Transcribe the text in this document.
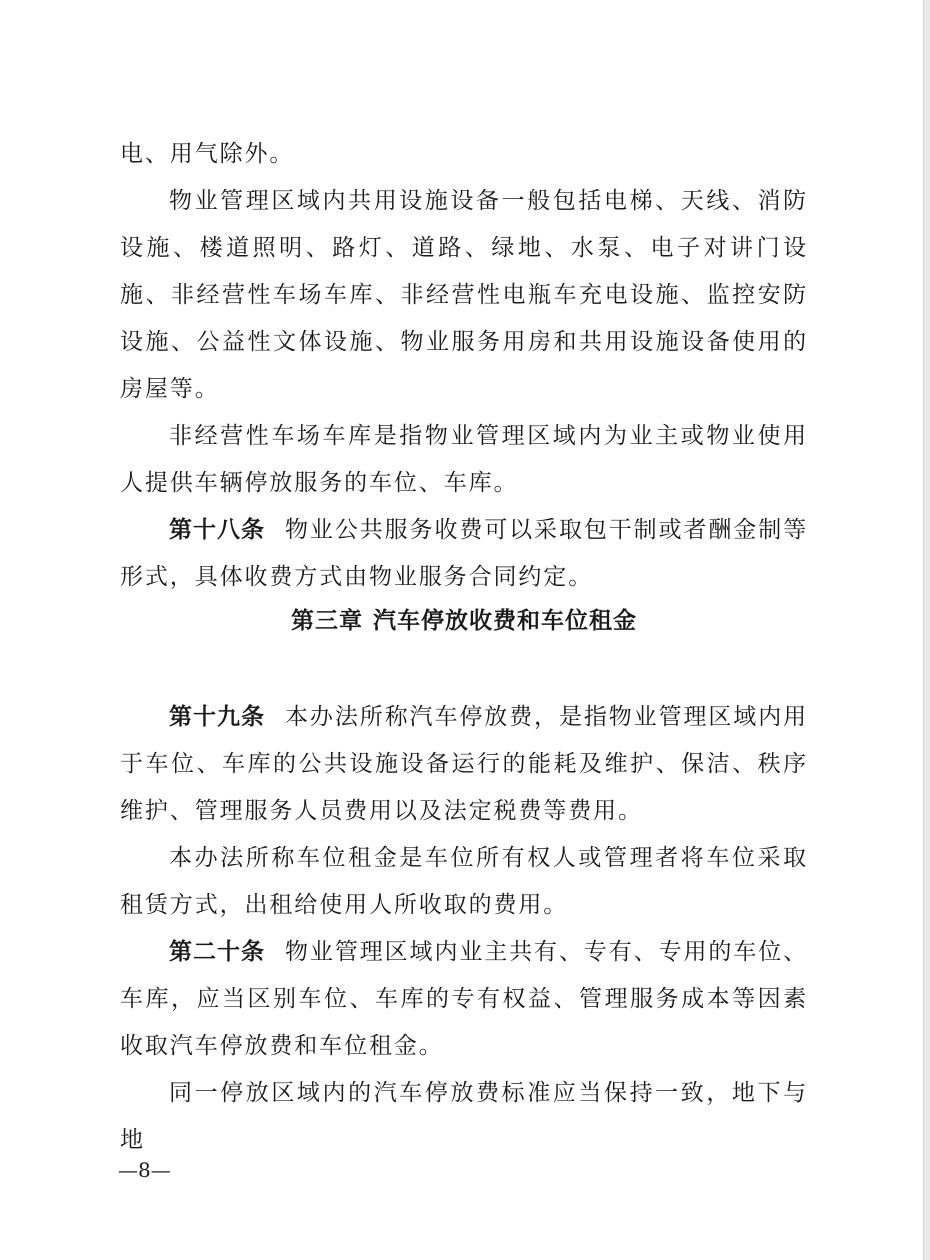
电、用气除外。

物业管理区域内共用设施设备一般包括电梯、天线、消防设施、楼道照明、路灯、道路、绿地、水泵、电子对讲门设施、非经营性车场车库、非经营性电瓶车充电设施、监控安防设施、公益性文体设施、物业服务用房和共用设施设备使用的房屋等。

非经营性车场车库是指物业管理区域内为业主或物业使用人提供车辆停放服务的车位、车库。

第十八条 物业公共服务收费可以采取包干制或者酬金制等形式，具体收费方式由物业服务合同约定。

第三章 汽车停放收费和车位租金

第十九条 本办法所称汽车停放费，是指物业管理区域内用于车位、车库的公共设施设备运行的能耗及维护、保洁、秩序维护、管理服务人员费用以及法定税费等费用。

本办法所称车位租金是车位所有权人或管理者将车位采取租赁方式，出租给使用人所收取的费用。

第二十条 物业管理区域内业主共有、专有、专用的车位、车库，应当区别车位、车库的专有权益、管理服务成本等因素收取汽车停放费和车位租金。

同一停放区域内的汽车停放费标准应当保持一致，地下与地

—8—
